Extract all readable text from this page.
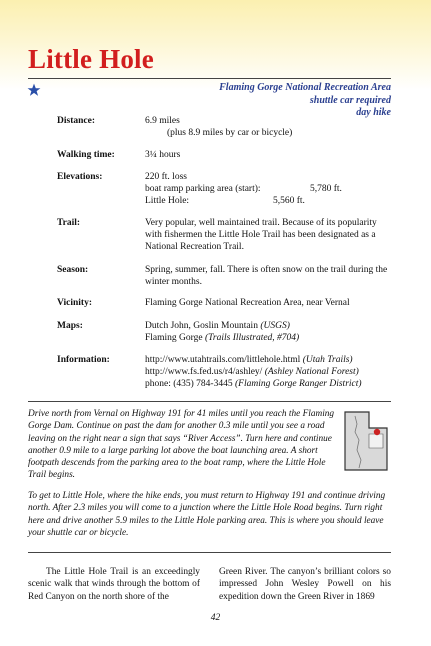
Little Hole
Flaming Gorge National Recreation Area
shuttle car required
day hike
Distance:	6.9 miles
(plus 8.9 miles by car or bicycle)
Walking time:	3¼ hours
Elevations:	220 ft. loss
boat ramp parking area (start):	5,780 ft.
Little Hole:	5,560 ft.
Trail:	Very popular, well maintained trail. Because of its popularity with fishermen the Little Hole Trail has been designated as a National Recreation Trail.
Season:	Spring, summer, fall. There is often snow on the trail during the winter months.
Vicinity:	Flaming Gorge National Recreation Area, near Vernal
Maps:	Dutch John, Goslin Mountain (USGS)
Flaming Gorge (Trails Illustrated, #704)
Information:	http://www.utahtrails.com/littlehole.html (Utah Trails)
http://www.fs.fed.us/r4/ashley/ (Ashley National Forest)
phone: (435) 784-3445 (Flaming Gorge Ranger District)
Drive north from Vernal on Highway 191 for 41 miles until you reach the Flaming Gorge Dam. Continue on past the dam for another 0.3 mile until you see a road leaving on the right near a sign that says “River Access”. Turn here and continue another 0.9 mile to a large parking lot above the boat launching area. A short footpath descends from the parking area to the boat ramp, where the Little Hole Trail begins.
To get to Little Hole, where the hike ends, you must return to Highway 191 and continue driving north. After 2.3 miles you will come to a junction where the Little Hole Road begins. Turn right here and drive another 5.9 miles to the Little Hole parking area. This is where you should leave your shuttle car or bicycle.
The Little Hole Trail is an exceedingly scenic walk that winds through the bottom of Red Canyon on the north shore of the
Green River. The canyon’s brilliant colors so impressed John Wesley Powell on his expedition down the Green River in 1869
42
